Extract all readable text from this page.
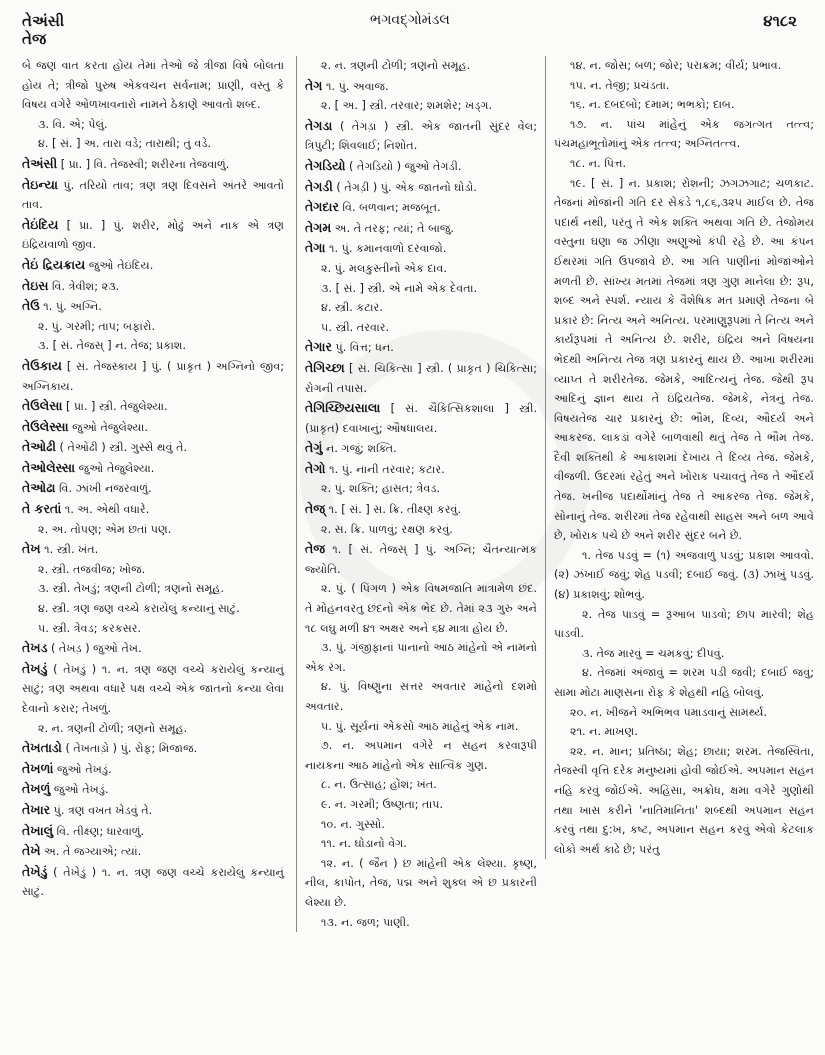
તેઅંસી
તેજ
ભગવદ્ગોમંડલ	૪૧૮૨

બે જણ વાત કરતા હોય તેમાં તેઓ જે ત્રીજા વિષે બોલતા હોય તે; ત્રીજો પુરુષ એકવચન સર્વનામ; પ્રાણી, વસ્તુ કે વિષય વગેરે ઓળખાવનારો નામને ઠેકાણે આવતો શબ્દ.

૩. વિ. એ; પેલું.

૪. [ સં. ] અ. તારા વડે; તારાથી; તું વડે.

તેઅંસી [ પ્રા. ] વિ. તેજસ્વી; શરીરના તેજવાળું.

તેઇન્યા પું. તરિયો તાવ; ત્રણ ત્રણ દિવસને અંતરે આવતો તાવ.

તેઇંદિય [ પ્રા. ] પું. શરીર, મોઢું અને નાક એ ત્રણ ઇંદ્રિયવાળો જીવ.

તેઇં દ્રિયક્રાય જુઓ તેઇંદિય.

તેઇસ વિ. ત્રેવીશ; ૨૩.

તેઉ ૧. પું. અગ્નિ.

૨. પું. ગરમી; તાપ; બફારો.

૩. [ સં. તેજસ્ ] ન. તેજ; પ્રકાશ.

તેઉકાય [ સં. તેજસ્કાય ] પું. ( પ્રાકૃત ) અગ્નિનો જીવ; અગ્નિકાય.

તેઉલેસા [ પ્રા. ] સ્ત્રી. તેજુલેશ્યા.

તેઉલેસ્સા જુઓ તેજુલેશ્યા.

તેઓઢી ( તેઓઢી ) સ્ત્રી. ગુસ્સે થવું તે.

તેઓલેસ્સા જુઓ તેજુલેશ્યા.

તેઓઢા વિ. ઝાંખી નજરવાળું.

તે કરતાં ૧. અ. એથી વધારે.

૨. અ. તોપણ; એમ છતાં પણ.

તેખ ૧. સ્ત્રી. ખંત.

૨. સ્ત્રી. તજવીજ; ખોજ.

૩. સ્ત્રી. તેખડું; ત્રણની ટોળી; ત્રણનો સમૂહ.

૪. સ્ત્રી. ત્રણ જણ વચ્ચે કરાયેલું કન્યાનું સાટું.

૫. સ્ત્રી. ત્રેવડ; કરકસર.

તેખડ ( તેખડ઼ ) જુઓ તેખ.

તેખડું ( તેખડ઼ું ) ૧. ન. ત્રણ જણ વચ્ચે કરાયેલું કન્યાનું સાટું; ત્રણ અથવા વધારે પક્ષ વચ્ચે એક જાતનો કન્યા લેવા દેવાનો કરાર; તેખળું.

૨. ન. ત્રણની ટોળી; ત્રણનો સમૂહ.

તેખતાડો ( તેખતાડ઼ો ) પું. રોફ; મિજાજ.

તેખળાં જુઓ તેખડું.

તેખળું જુઓ તેખડું.

તેખાર પું. ત્રણ વખત ખેડવું તે.

તેખાલું વિ. તીક્ષ્ણ; ધારવાળું.

તેખે અ. તે જગ્યાએ; ત્યાં.

તેખેડું ( તેખેડ઼ું ) ૧. ન. ત્રણ જણ વચ્ચે કરાયેલું કન્યાનું સાટું.

૨. ન. ત્રણની ટોળી; ત્રણનો સમૂહ.

તેગ ૧. પું. અવાજ.

૨. [ અ. ] સ્ત્રી. તરવાર; શમશેર; ખડ્ગ.

તેગડા ( તેગડ઼ા ) સ્ત્રી. એક જાતની સુંદર વેલ; ત્રિપુટી; શિવલાઈ; નિશોત.

તેગડિયો ( તેગડ઼િયો ) જુઓ તેગડી.

તેગડી ( તેગડ઼ી ) પું. એક જાતનો ઘોડો.

તેગદાર વિ. બળવાન; મજબૂત.

તેગમ અ. તે તરફ; ત્યાં; તે બાજુ.

તેગા ૧. પું. કમાનવાળો દરવાજો.

૨. પું. મલકુસ્તીનો એક દાવ.

૩. [ સં. ] સ્ત્રી. એ નામે એક દેવતા.

૪. સ્ત્રી. કટાર.

૫. સ્ત્રી. તરવાર.

તેગાર પું. વિત્ત; ધન.

તેગિચ્છા [ સં. ચિકિત્સા ] સ્ત્રી. ( પ્રાકૃત ) ચિકિત્સા; રોગની તપાસ.

તેગિચ્છિયસાલા [ સં. ચૈકિત્સિકશાલા ] સ્ત્રી. (પ્રાકૃત) દવાખાનું; ઔષધાલય.

તેગું ન. ગજું; શક્તિ.

તેગો ૧. પું. નાની તરવાર; કટાર.

૨. પું. શક્તિ; હાસત; ત્રેવડ.

તેજ્ ૧. [ સં. ] સ. ક્રિ. તીક્ષ્ણ કરવું.

૨. સ. ક્રિ. પાળવું; રક્ષણ કરવું.

તેજ ૧. [ સં. તેજસ્ ] પું. અગ્નિ; ચૈતન્યાત્મક જ્યોતિ.

૨. પું. ( પિંગળ ) એક વિષમજાતિ માત્રામેળ છંદ. તે મોહનવરતુ છંદનો એક ભેદ છે. તેમાં ૨૩ ગુરુ અને ૧૮ લઘુ મળી ૪૧ અક્ષર અને ૬૪ માત્રા હોય છે.

૩. પું. ગંજીફાનાં પાનાનો આઠ માંહેનો એ નામનો એક રંગ.

૪. પું. વિષ્ણુના સત્તર અવતાર માંહેનો દશમો અવતાર.

૫. પું. સૂર્યનાં એકસો આઠ માંહેનું એક નામ.

૭. ન. અપમાન વગેરે ન સહન કરવારૂપી નાયકના આઠ માંહેનો એક સાત્વિક ગુણ.

૮. ન. ઉત્સાહ; હોંશ; ખંત.

૯. ન. ગરમી; ઉષ્ણતા; તાપ.

૧૦. ન. ગુસ્સો.

૧૧. ન. ઘોડાનો વેગ.

૧૨. ન. ( જૈન ) છ માંહેની એક લેશ્યા. કૃષ્ણ, નીલ, કાપોત, તેજ, પદ્મ અને શુક્લ એ છ પ્રકારની લેશ્યા છે.

૧૩. ન. જળ; પાણી.

૧૪. ન. જોસ; બળ; જોર; પરાક્રમ; વીર્ય; પ્રભાવ.

૧૫. ન. તેજી; પ્રચંડતા.

૧૬. ન. દબદબો; દમામ; ભભકો; દાબ.

૧૭. ન. પાંચ માંહેનું એક જગત્ગત તત્ત્વ; પંચમહાભૂતોમાંનું એક તત્ત્વ; અગ્નિતત્ત્વ.

૧૮. ન. પિત્ત.

૧૯. [ સં. ] ન. પ્રકાશ; રોશની; ઝગઝગાટ; ચળકાટ. તેજનાં મોજાંની ગતિ દર સેકંડે ૧,૮૬,૩૨૫ માઈલ છે. તેજ પદાર્થ નથી, પરંતુ તે એક શક્તિ અથવા ગતિ છે. તેજોમય વસ્તુના ઘણા જ ઝીણા અણુઓ કંપી રહે છે. આ કંપન ઈથરમાં ગતિ ઉપજાવે છે. આ ગતિ પાણીનાં મોજાંઓને મળતી છે. સાંખ્ય મતમાં તેજમાં ત્રણ ગુણ માનેલા છે: રૂપ, શબ્દ અને સ્પર્શ. ન્યાય કે વૈશેષિક મત પ્રમાણે તેજના બે પ્રકાર છે: નિત્ય અને અનિત્ય. પરમાણુરૂપમાં તે નિત્ય અને કાર્યરૂપમાં તે અનિત્ય છે. શરીર, ઇંદ્રિય અને વિષયના ભેદથી અનિત્ય તેજ ત્રણ પ્રકારનું થાય છે. આખા શરીરમાં વ્યાપ્ત તે શરીરતેજ. જેમકે, આદિત્યનું તેજ. જેથી રૂપ આદિનું જ્ઞાન થાય તે ઇંદ્રિયતેજ. જેમકે, નેત્રનું તેજ. વિષયતેજ ચાર પ્રકારનું છે: ભૌમ, દિવ્ય, ઔદર્ય અને આકરજ. લાકડાં વગેરે બાળવાથી થતું તેજ તે ભૌમ તેજ. દૈવી શક્તિથી કે આકાશમાં દેખાય તે દિવ્ય તેજ. જેમકે, વીજળી. ઉદરમાં રહેતું અને ખોરાક પચાવતું તેજ તે ઔદર્ય તેજ. ખનીજ પદાર્થોમાંનું તેજ તે આકરજ તેજ. જેમકે, સોનાનું તેજ. શરીરમાં તેજ રહેવાથી સાહસ અને બળ આવે છે, ખોરાક પચે છે અને શરીર સુંદર બને છે.

૧. તેજ પડવું = (૧) અંજવાળું પડવું; પ્રકાશ આવવો. (૨) ઝંખાઈ જવું; શેહ પડવી; દબાઈ જવું. (૩) ઝાંખું પડવું. (૪) પ્રકાશવું; શોભવું.

૨. તેજ પાડવું = રૂઆબ પાડવો; છાપ મારવી; શેહ પાડવી.

૩. તેજ મારવું = ચમકવું; દીપવું.

૪. તેજમાં અંજાવું = શરમ પડી જવી; દબાઈ જવું; સામા મોટા માણસના રોફ કે શેહથી નહિ બોલવું.

૨૦. ન. ખીજને અભિભવ પમાડવાનું સામર્થ્ય.

૨૧. ન. માખણ.

૨૨. ન. માન; પ્રતિષ્ઠા; શેહ; છાયા; શરમ. તેજસ્વિતા, તેજસ્વી વૃત્તિ દરેક મનુષ્યમાં હોવી જોઈએ. અપમાન સહન નહિ કરવું જોઈએ. અહિંસા, અક્રોધ, ક્ષમા વગેરે ગુણોથી તથા ખાસ કરીને 'નાતિમાનિતા' શબ્દથી અપમાન સહન કરવું તથા દુ:ખ, કષ્ટ, અપમાન સહન કરવું એવો કેટલાક લોકો અર્થ કાઢે છે; પરંતુ
